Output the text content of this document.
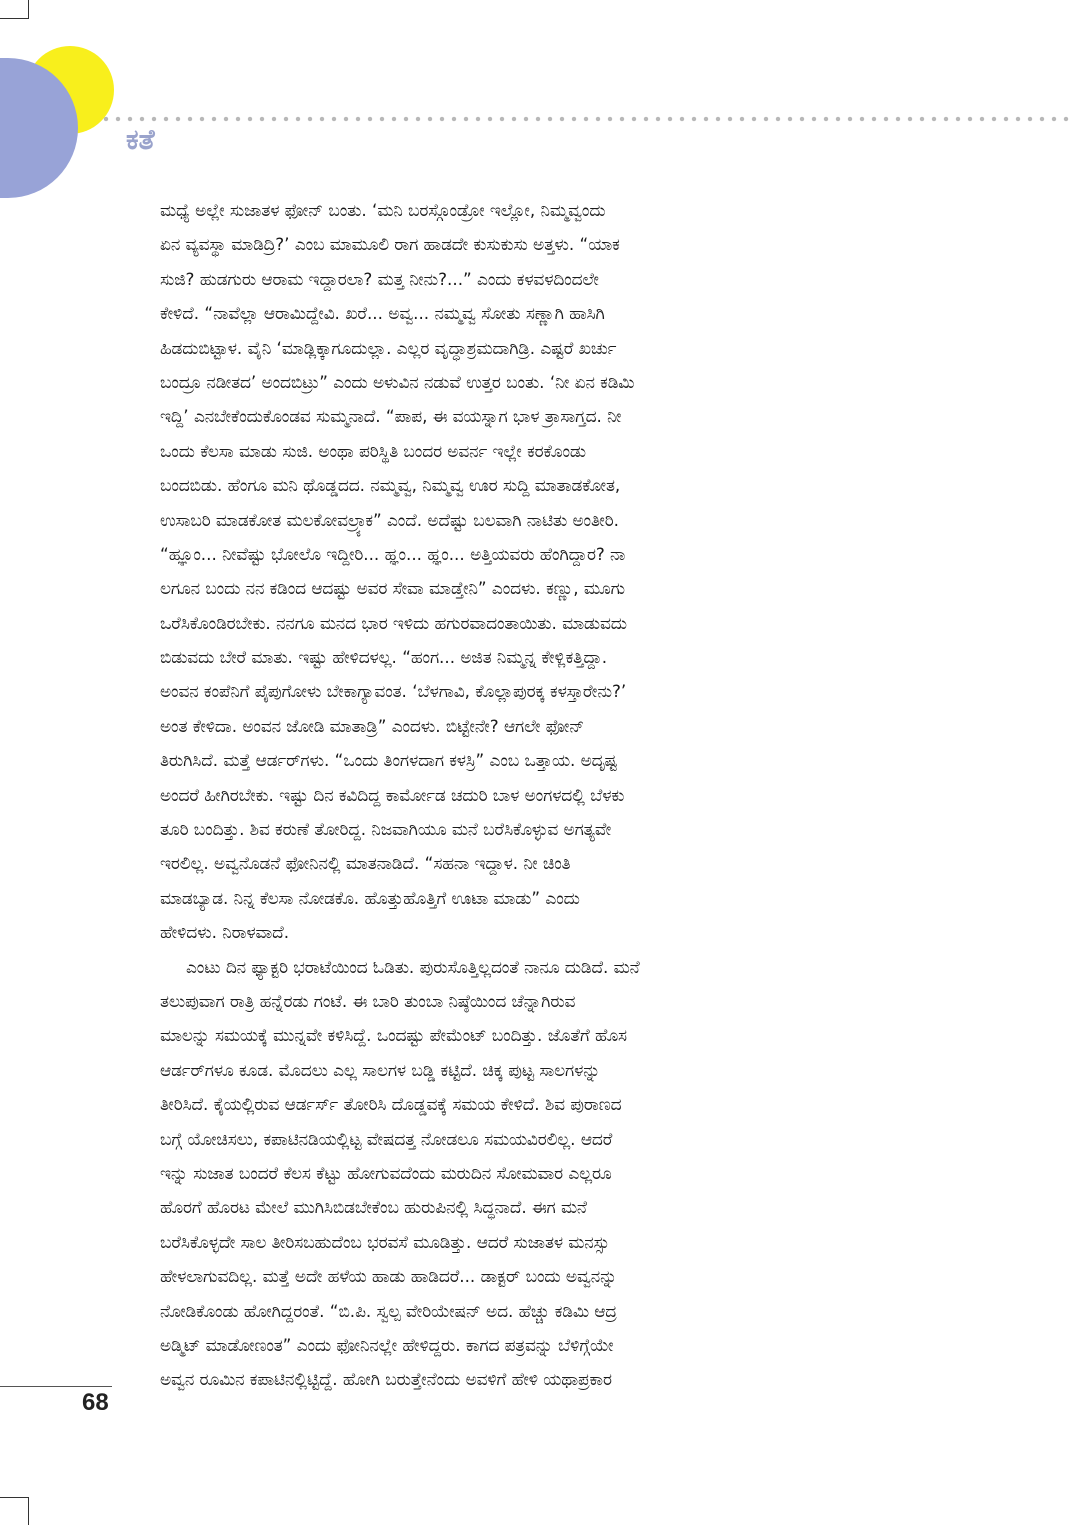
ಕತೆ
ಮಧ್ಯೆ ಅಲ್ಲೇ ಸುಜಾತಳ ಫೋನ್ ಬಂತು. ‘ಮನಿ ಬರಸ್ಗೊಂಡ್ರೋ ಇಲ್ಲೋ, ನಿಮ್ಮವ್ವಂದು
ಏನ ವ್ಯವಸ್ಥಾ ಮಾಡಿದ್ರಿ?’ ಎಂಬ ಮಾಮೂಲಿ ರಾಗ ಹಾಡದೇ ಕುಸುಕುಸು ಅತ್ತಳು. “ಯಾಕ
ಸುಜಿ? ಹುಡಗುರು ಆರಾಮ ಇದ್ದಾರಲಾ? ಮತ್ತ ನೀನು?...” ಎಂದು ಕಳವಳದಿಂದಲೇ
ಕೇಳಿದೆ. “ನಾವೆಲ್ಲಾ ಆರಾಮಿದ್ದೇವಿ. ಖರೆ... ಅವ್ವ... ನಮ್ಮವ್ವ ಸೋತು ಸಣ್ಣಾಗಿ ಹಾಸಿಗಿ
ಹಿಡದುಬಿಟ್ಟಾಳ. ವೈನಿ ‘ಮಾಡ್ಲಿಕ್ಕಾಗೂದುಲ್ಲಾ. ಎಲ್ಲರ ವೃದ್ಧಾಶ್ರಮದಾಗಿಡ್ರಿ. ಎಷ್ಟರೆ ಖರ್ಚು
ಬಂದ್ರೂ ನಡೀತದ’ ಅಂದಬಿಟ್ರು” ಎಂದು ಅಳುವಿನ ನಡುವೆ ಉತ್ತರ ಬಂತು. ‘ನೀ ಏನ ಕಡಿಮಿ
ಇದ್ದಿ’ ಎನಬೇಕೆಂದುಕೊಂಡವ ಸುಮ್ಮನಾದೆ. “ಪಾಪ, ಈ ವಯಸ್ನಾಗ ಭಾಳ ತ್ರಾಸಾಗ್ತದ. ನೀ
ಒಂದು ಕೆಲಸಾ ಮಾಡು ಸುಜಿ. ಅಂಥಾ ಪರಿಸ್ಥಿತಿ ಬಂದರ ಅವರ್ನ ಇಲ್ಲೇ ಕರಕೊಂಡು
ಬಂದಬಿಡು. ಹೆಂಗೂ ಮನಿ ಥೊಡ್ಡದದ. ನಮ್ಮವ್ವ, ನಿಮ್ಮವ್ವ ಊರ ಸುದ್ದಿ ಮಾತಾಡಕೋತ,
ಉಸಾಬರಿ ಮಾಡಕೋತ ಮಲಕೋವಲ್ರ್ಯಾಕ” ಎಂದೆ. ಅದೆಷ್ಟು ಬಲವಾಗಿ ನಾಟಿತು ಅಂತೀರಿ.
“ಹ್ಞೂಂ... ನೀವೆಷ್ಟು ಭೋಲೊ ಇದ್ದೀರಿ... ಹ್ಞಂ... ಹ್ಞಂ... ಅತ್ತಿಯವರು ಹೆಂಗಿದ್ದಾರ? ನಾ
ಲಗೂನ ಬಂದು ನನ ಕಡಿಂದ ಆದಷ್ಟು ಅವರ ಸೇವಾ ಮಾಡ್ತೇನಿ” ಎಂದಳು. ಕಣ್ಣು, ಮೂಗು
ಒರೆಸಿಕೊಂಡಿರಬೇಕು. ನನಗೂ ಮನದ ಭಾರ ಇಳಿದು ಹಗುರವಾದಂತಾಯಿತು. ಮಾಡುವದು
ಬಿಡುವದು ಬೇರೆ ಮಾತು. ಇಷ್ಟು ಹೇಳಿದಳಲ್ಲ. “ಹಂಗ... ಅಜಿತ ನಿಮ್ಮನ್ನ ಕೇಳ್ಲಿಕತ್ತಿದ್ದಾ.
ಅಂವನ ಕಂಪೆನಿಗೆ ಪೈಪುಗೋಳು ಬೇಕಾಗ್ಯಾವಂತ. ‘ಬೆಳಗಾವಿ, ಕೊಲ್ಲಾಪುರಕ್ಕ ಕಳಸ್ತಾರೇನು?’
ಅಂತ ಕೇಳಿದಾ. ಅಂವನ ಜೋಡಿ ಮಾತಾಡ್ರಿ” ಎಂದಳು. ಬಿಟ್ಟೇನೇ? ಆಗಲೇ ಫೋನ್
ತಿರುಗಿಸಿದೆ. ಮತ್ತೆ ಆರ್ಡರ್‌ಗಳು. “ಒಂದು ತಿಂಗಳದಾಗ ಕಳಸ್ರಿ” ಎಂಬ ಒತ್ತಾಯ. ಅದೃಷ್ಟ
ಅಂದರೆ ಹೀಗಿರಬೇಕು. ಇಷ್ಟು ದಿನ ಕವಿದಿದ್ದ ಕಾರ್ಮೋಡ ಚದುರಿ ಬಾಳ ಅಂಗಳದಲ್ಲಿ ಬೆಳಕು
ತೂರಿ ಬಂದಿತ್ತು. ಶಿವ ಕರುಣೆ ತೋರಿದ್ದ. ನಿಜವಾಗಿಯೂ ಮನೆ ಬರೆಸಿಕೊಳ್ಳುವ ಅಗತ್ಯವೇ
ಇರಲಿಲ್ಲ. ಅವ್ವನೊಡನೆ ಫೋನಿನಲ್ಲಿ ಮಾತನಾಡಿದೆ. “ಸಹನಾ ಇದ್ದಾಳ. ನೀ ಚಿಂತಿ
ಮಾಡಬ್ಯಾಡ. ನಿನ್ನ ಕೆಲಸಾ ನೋಡಕೊ. ಹೊತ್ತುಹೊತ್ತಿಗೆ ಊಟಾ ಮಾಡು” ಎಂದು
ಹೇಳಿದಳು. ನಿರಾಳವಾದೆ.
ಎಂಟು ದಿನ ಫ್ಯಾಕ್ಟರಿ ಭರಾಟೆಯಿಂದ ಓಡಿತು. ಪುರುಸೊತ್ತಿಲ್ಲದಂತೆ ನಾನೂ ದುಡಿದೆ. ಮನೆ
ತಲುಪುವಾಗ ರಾತ್ರಿ ಹನ್ನೆರಡು ಗಂಟೆ. ಈ ಬಾರಿ ತುಂಬಾ ನಿಷ್ಠೆಯಿಂದ ಚೆನ್ನಾಗಿರುವ
ಮಾಲನ್ನು ಸಮಯಕ್ಕೆ ಮುನ್ನವೇ ಕಳಿಸಿದ್ದೆ. ಒಂದಷ್ಟು ಪೇಮೆಂಟ್ ಬಂದಿತ್ತು. ಜೊತೆಗೆ ಹೊಸ
ಆರ್ಡರ್‌ಗಳೂ ಕೂಡ. ಮೊದಲು ಎಲ್ಲ ಸಾಲಗಳ ಬಡ್ಡಿ ಕಟ್ಟಿದೆ. ಚಿಕ್ಕ ಪುಟ್ಟ ಸಾಲಗಳನ್ನು
ತೀರಿಸಿದೆ. ಕೈಯಲ್ಲಿರುವ ಆರ್ಡರ್ಸ್ ತೋರಿಸಿ ದೊಡ್ಡವಕ್ಕೆ ಸಮಯ ಕೇಳಿದೆ. ಶಿವ ಪುರಾಣದ
ಬಗ್ಗೆ ಯೋಚಿಸಲು, ಕಪಾಟಿನಡಿಯಲ್ಲಿಟ್ಟ ವೇಷದತ್ತ ನೋಡಲೂ ಸಮಯವಿರಲಿಲ್ಲ. ಆದರೆ
ಇನ್ನು ಸುಜಾತ ಬಂದರೆ ಕೆಲಸ ಕೆಟ್ಟು ಹೋಗುವದೆಂದು ಮರುದಿನ ಸೋಮವಾರ ಎಲ್ಲರೂ
ಹೊರಗೆ ಹೊರಟ ಮೇಲೆ ಮುಗಿಸಿಬಿಡಬೇಕೆಂಬ ಹುರುಪಿನಲ್ಲಿ ಸಿದ್ಧನಾದೆ. ಈಗ ಮನೆ
ಬರೆಸಿಕೊಳ್ಳದೇ ಸಾಲ ತೀರಿಸಬಹುದೆಂಬ ಭರವಸೆ ಮೂಡಿತ್ತು. ಆದರೆ ಸುಜಾತಳ ಮನಸ್ಸು
ಹೇಳಲಾಗುವದಿಲ್ಲ. ಮತ್ತೆ ಅದೇ ಹಳೆಯ ಹಾಡು ಹಾಡಿದರೆ... ಡಾಕ್ಟರ್ ಬಂದು ಅವ್ವನನ್ನು
ನೋಡಿಕೊಂಡು ಹೋಗಿದ್ದರಂತೆ. “ಬಿ.ಪಿ. ಸ್ವಲ್ಪ ವೇರಿಯೇಷನ್ ಅದ. ಹೆಚ್ಚು ಕಡಿಮಿ ಆದ್ರ
ಅಡ್ಮಿಟ್ ಮಾಡೋಣಂತ” ಎಂದು ಫೋನಿನಲ್ಲೇ ಹೇಳಿದ್ದರು. ಕಾಗದ ಪತ್ರವನ್ನು ಬೆಳಿಗ್ಗೆಯೇ
ಅವ್ವನ ರೂಮಿನ ಕಪಾಟಿನಲ್ಲಿಟ್ಟಿದ್ದೆ. ಹೋಗಿ ಬರುತ್ತೇನೆಂದು ಅವಳಿಗೆ ಹೇಳಿ ಯಥಾಪ್ರಕಾರ
68
